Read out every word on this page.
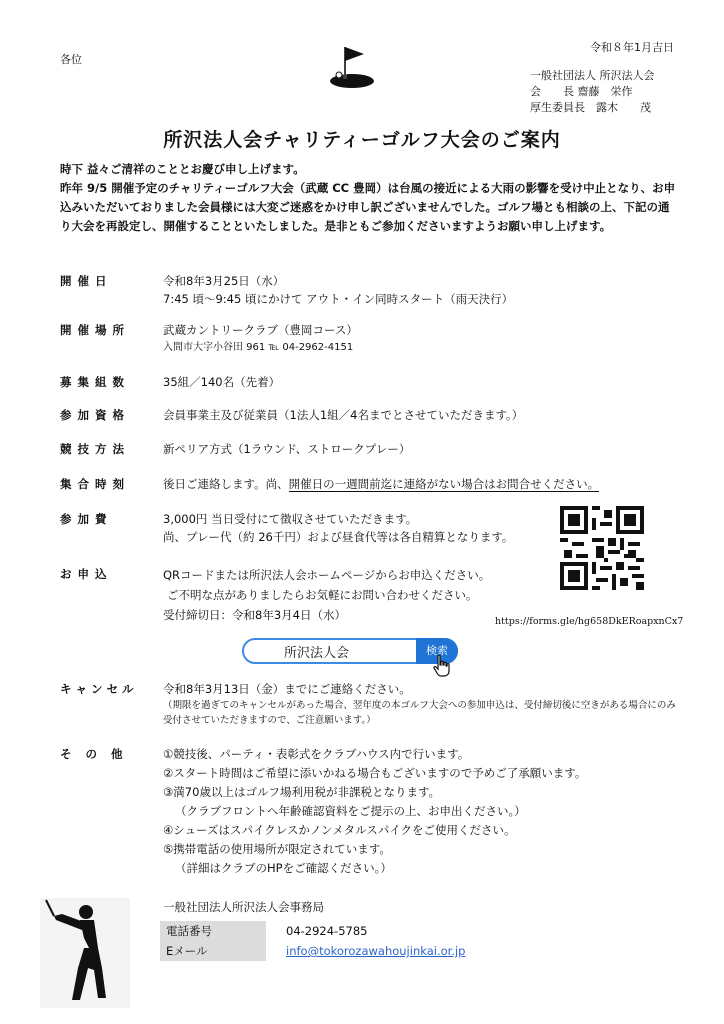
各位
令和８年1月吉日
一般社団法人 所沢法人会
会　　長 齋藤　栄作
厚生委員長　露木　　茂
所沢法人会チャリティーゴルフ大会のご案内
時下 益々ご清祥のこととお慶び申し上げます。
昨年 9/5 開催予定のチャリティーゴルフ大会（武蔵 CC 豊岡）は台風の接近による大雨の影響を受け中止となり、お申込みいただいておりました会員様には大変ご迷惑をかけ申し訳ございませんでした。ゴルフ場とも相談の上、下記の通り大会を再設定し、開催することといたしました。是非ともご参加くださいますようお願い申し上げます。
開催日	令和8年3月25日（水）
7:45 頃〜9:45 頃にかけて アウト・イン同時スタート（雨天決行）
開催場所	武蔵カントリークラブ（豊岡コース）
入間市大字小谷田 961 ℡ 04-2962-4151
募集組数	35組／140名（先着）
参加資格	会員事業主及び従業員（1法人1組／4名までとさせていただきます。）
競技方法	新ペリア方式（1ラウンド、ストロークプレー）
集合時刻	後日ご連絡します。尚、開催日の一週間前迄に連絡がない場合はお問合せください。
参加費	3,000円 当日受付にて徴収させていただきます。
尚、プレー代（約 26千円）および昼食代等は各自精算となります。
お申込	QRコードまたは所沢法人会ホームページからお申込ください。
ご不明な点がありましたらお気軽にお問い合わせください。
受付締切日：令和8年3月4日（水）	https://forms.gle/hg658DkERoapxnCx7
所沢法人会	検索
キャンセル	令和8年3月13日（金）までにご連絡ください。
（期限を過ぎてのキャンセルがあった場合、翌年度の本ゴルフ大会への参加申込は、受付締切後に空きがある場合にのみ受付させていただきますので、ご注意願います。）
その他	①競技後、パーティ・表彰式をクラブハウス内で行います。
②スタート時間はご希望に添いかねる場合もございますので予めご了承願います。
③満70歳以上はゴルフ場利用税が非課税となります。
（クラブフロントへ年齢確認資料をご提示の上、お申出ください。）
④シューズはスパイクレスかノンメタルスパイクをご使用ください。
⑤携帯電話の使用場所が限定されています。
（詳細はクラブのHPをご確認ください。）
一般社団法人所沢法人会事務局
電話番号	04-2924-5785
Eメール	info@tokorozawahoujinkai.or.jp
